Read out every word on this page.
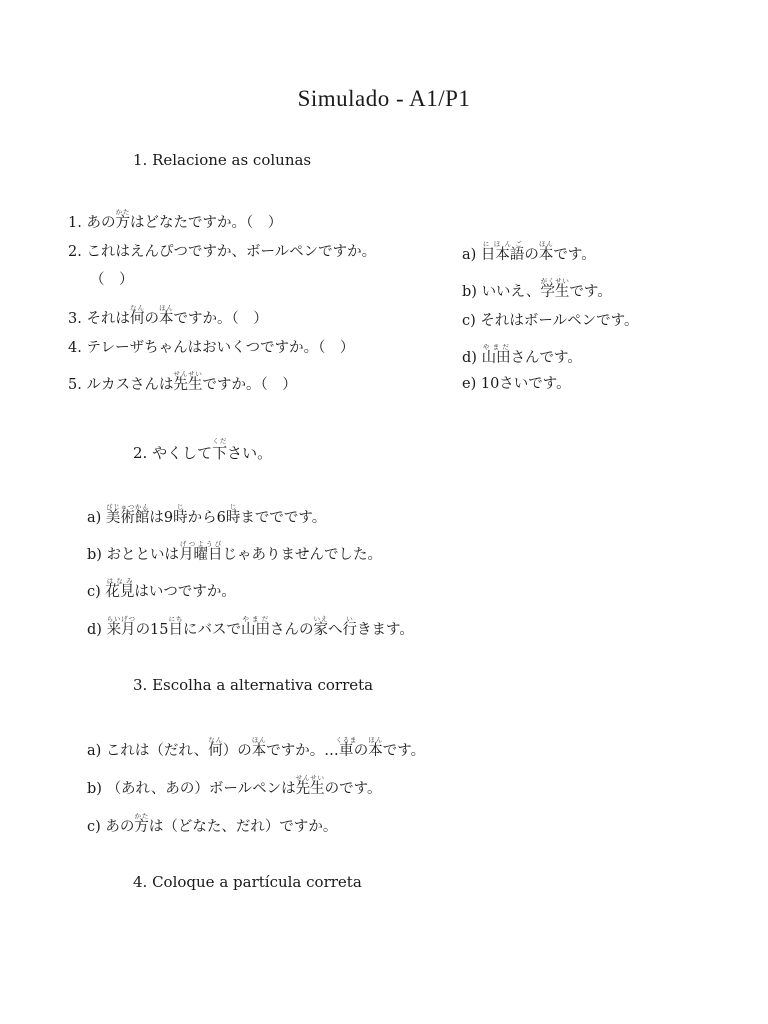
Simulado - A1/P1
1. Relacione as colunas
1. あの方かたはどなたですか。（　）
2. これはえんぴつですか、ボールペンですか。
（　）
3. それは何なんの本ほんですか。（　）
4. テレーザちゃんはおいくつですか。（　）
5. ルカスさんは先生せんせいですか。（　）
a) 日本語にほんごの本ほんです。
b) いいえ、学生がくせいです。
c) それはボールペンです。
d) 山田やまださんです。
e) 10さいです。
2. やくして下ください。
a) 美術館びじゅつかんは9時じから6時じまででです。
b) おとといは月曜日げつようびじゃありませんでした。
c) 花見はなみはいつですか。
d) 来月らいげつの15日にちにバスで山田やまださんの家いえへ行いきます。
3. Escolha a alternativa correta
a) これは（だれ、何なん）の本ほんですか。…車くるまの本ほんです。
b) （あれ、あの）ボールペンは先生せんせいのです。
c) あの方かたは（どなた、だれ）ですか。
4. Coloque a partícula correta
